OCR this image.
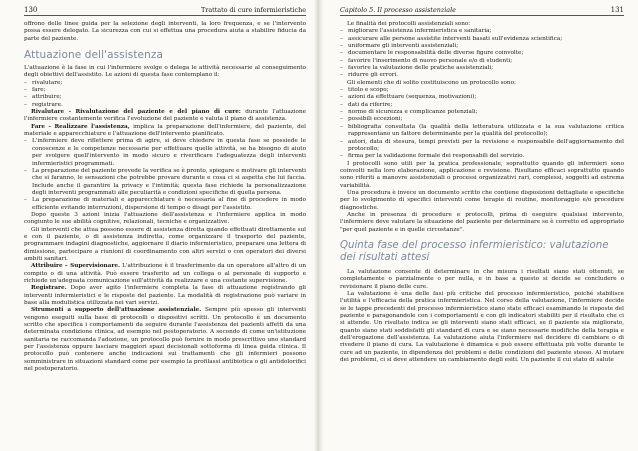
130	Trattato di cure infermieristiche

offrono delle linee guida per la selezione degli interventi, la loro frequenza, e se l'intervento possa essere delegato. La sicurezza con cui si effettua una procedura aiuta a stabilire fiducia da parte del paziente.

Attuazione dell'assistenza

L'attuazione è la fase in cui l'infermiere svolge o delega le attività necessarie al conseguimento degli obiettivi dell'assistito. Le azioni di questa fase contemplano il:

– rivalutare;
– fare;
– attribuire;
– registrare.

Rivalutare - Rivalutazione del paziente e del piano di cure: durante l'attuazione l'infermiere costantemente verifica l'evoluzione del paziente e valuta il piano di assistenza.

Fare - Realizzare l'assistenza, implica la preparazione dell'infermiere, del paziente, del materiale e apparecchiature e l'attuazione dell'intervento pianificato.

– L'infermiere deve riflettere prima di agire, si deve chiedere in questa fase se possiede le conoscenze e le competenze necessarie per effettuare quelle attività, se ha bisogno di aiuto per svolgere quell'intervento in modo sicuro e riverificare l'adeguatezza degli interventi infermieristici programmati.
– La preparazione del paziente prevede la verifica se è pronto, spiegare e motivare gli interventi che si faranno, le sensazioni che potrebbe provare durante e cosa ci si aspetta che lui faccia. Include anche il garantire la privacy e l'intimità; questa fase richiede la personalizzazione degli interventi programmati alle peculiarità e condizioni specifiche di quella persona.
– La preparazione di materiali e apparecchiature è necessaria al fine di procedere in modo efficiente evitando interruzioni, dispersione di tempo o disagi per l'assistito.

Dopo queste 3 azioni inizia l'attuazione dell'assistenza e l'infermiere applica in modo congiunto le sue abilità cognitive, relazionali, tecniche e organizzative.

Gli interventi che attua possono essere di assistenza diretta quando effettuati direttamente sul e con il paziente, o di assistenza indiretta, come organizzare il trasporto del paziente, programmare indagini diagnostiche, aggiornare il diario infermieristico, preparare una lettera di dimissione, partecipare a riunioni di coordinamento con altri servizi o con operatori dei diversi ambiti sanitari.

Attribuire – Supervisionare. L'attribuzione è il trasferimento da un operatore all'altro di un compito o di una attività. Può essere trasferito ad un collega o al personale di supporto e richiede un'adeguata comunicazione sull'attività da realizzare e una costante supervisione.

Registrare. Dopo aver agito l'infermiere completa la fase di attuazione registrando gli interventi infermieristici e le risposte del paziente. La modalità di registrazione può variare in base alla modulistica utilizzata nei vari servizi.

Strumenti a supporto dell'attuazione assistenziale. Sempre più spesso gli interventi vengono eseguiti sulla base di protocolli o dispositivi scritti. Un protocollo è un documento scritto che specifica i comportamenti da seguire durante l'assistenza dei pazienti affetti da una determinata condizione clinica, ad esempio nel postoperatorio. A secondo di come un'istituzione sanitaria ne raccomanda l'adozione, un protocollo può fornire in modo prescrittivo uno standard per l'assistenza oppure lasciare maggiori spazi decisionali sottoforma di linea guida clinica. Il protocollo può contenere anche indicazioni sui trattamenti che gli infermieri possono somministrare in situazioni standard come per esempio la profilassi antibiotica o gli antidolorifici nel postoperatorio.

Capitolo 5. Il processo assistenziale	131

Le finalità dei protocolli assistenziali sono:

– migliorare l'assistenza infermieristica e sanitaria;
– assicurare alle persone assistite interventi basati sull'evidenza scientifica;
– uniformare gli interventi assistenziali;
– documentare le responsabilità delle diverse figure coinvolte;
– favorire l'inserimento di nuovo personale e/o di studenti;
– favorire la valutazione delle pratiche assistenziali;
– ridurre gli errori.

Gli elementi che di solito costituiscono un protocollo sono:

– titolo e scopo;
– azioni da effettuare (sequenza, motivazioni);
– dati da riferire;
– norme di sicurezza e complicanze potenziali;
– possibili eccezioni;
– bibliografia consultata (la qualità della letteratura utilizzata e la sua valutazione critica rappresentano un fattore determinante per la qualità del protocollo);
– autori, data di stesura, tempi previsti per la revisione e responsabile dell'aggiornamento del protocollo;
– firma per la validazione formale dei responsabili del servizio.

I protocolli sono utili per la pratica professionale, soprattutto quando gli infermieri sono coinvolti nella loro elaborazione, applicazione e revisione. Risultano efficaci soprattutto quando sono riferiti a manovre assistenziali o processi organizzativi rari, complessi, soggetti ad estrema variabilità.

Una procedura è invece un documento scritto che contiene disposizioni dettagliate e specifiche per lo svolgimento di specifici interventi come terapie di routine, monitoraggio e/o procedure diagnostiche.

Anche in presenza di procedure e protocolli, prima di eseguire qualsiasi intervento, l'infermiere deve valutare la situazione del paziente per determinare se è corretto ed appropriato "per quel paziente e in quelle circostanze".

Quinta fase del processo infermieristico: valutazione dei risultati attesi

La valutazione consente di determinare in che misura i risultati siano stati ottenuti, se completamente o parzialmente o per nulla, e in base a questo si decide se concludere o revisionare il piano delle cure.

La valutazione è una delle fasi più critiche del processo infermieristico, poiché stabilisce l'utilità e l'efficacia della pratica infermieristica. Nel corso della valutazione, l'infermiere decide se le tappe precedenti del processo infermieristico siano state efficaci esaminando le risposte del paziente e paragonandole con i comportamenti e con gli indicatori stabiliti per il risultato che ci si attende. Un risultato indica se gli interventi siano stati efficaci, se il paziente sia migliorato, quanto siano stati soddisfatti gli standard di cura e se siano necessarie modifiche della terapia e dell'erogazione dell'assistenza. La valutazione aiuta l'infermiere nel decidere di cambiare o di rivedere il piano di cura. La valutazione è dinamica e può essere effettuata più volte durante le cure ad un paziente, in dipendenza dei problemi e delle condizioni del paziente stesso. Al mutare dei problemi, ci si deve attendere un cambiamento degli esiti. Un paziente il cui stato di salute
